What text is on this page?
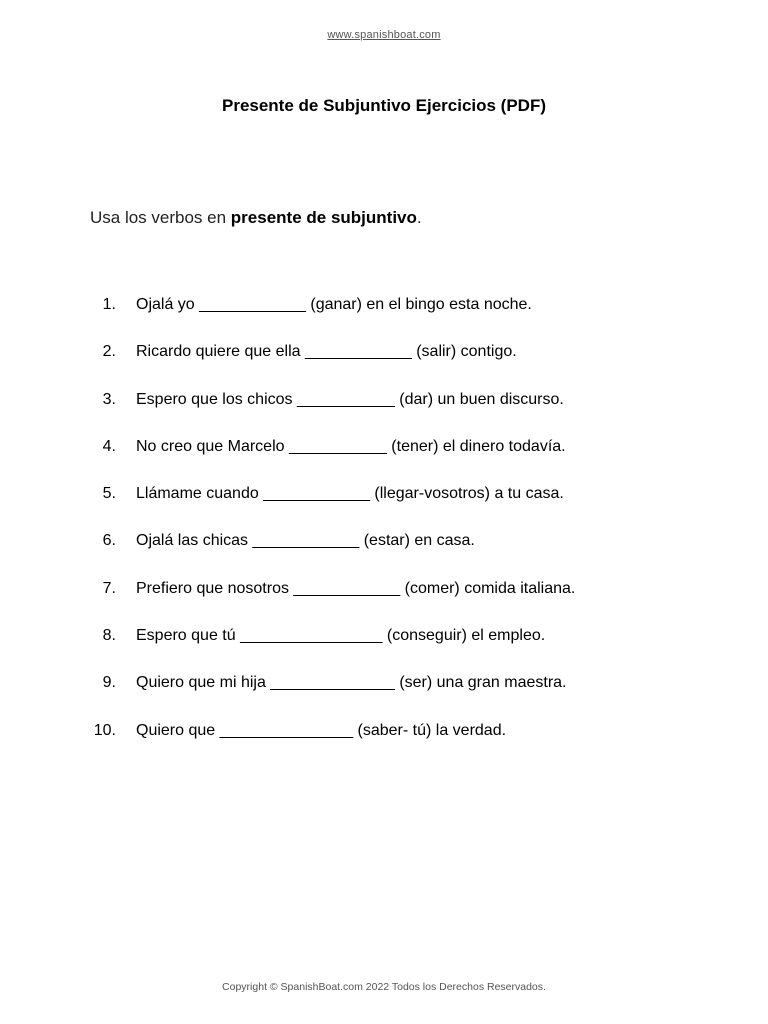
www.spanishboat.com
Presente de Subjuntivo Ejercicios (PDF)
Usa los verbos en presente de subjuntivo.
1. Ojalá yo ____________ (ganar) en el bingo esta noche.
2. Ricardo quiere que ella ____________ (salir) contigo.
3. Espero que los chicos ___________ (dar) un buen discurso.
4. No creo que Marcelo ___________ (tener) el dinero todavía.
5. Llámame cuando ____________ (llegar-vosotros) a tu casa.
6. Ojalá las chicas ____________ (estar) en casa.
7. Prefiero que nosotros ____________ (comer) comida italiana.
8. Espero que tú ________________ (conseguir) el empleo.
9. Quiero que mi hija ______________ (ser) una gran maestra.
10. Quiero que _______________ (saber- tú) la verdad.
Copyright © SpanishBoat.com 2022 Todos los Derechos Reservados.
